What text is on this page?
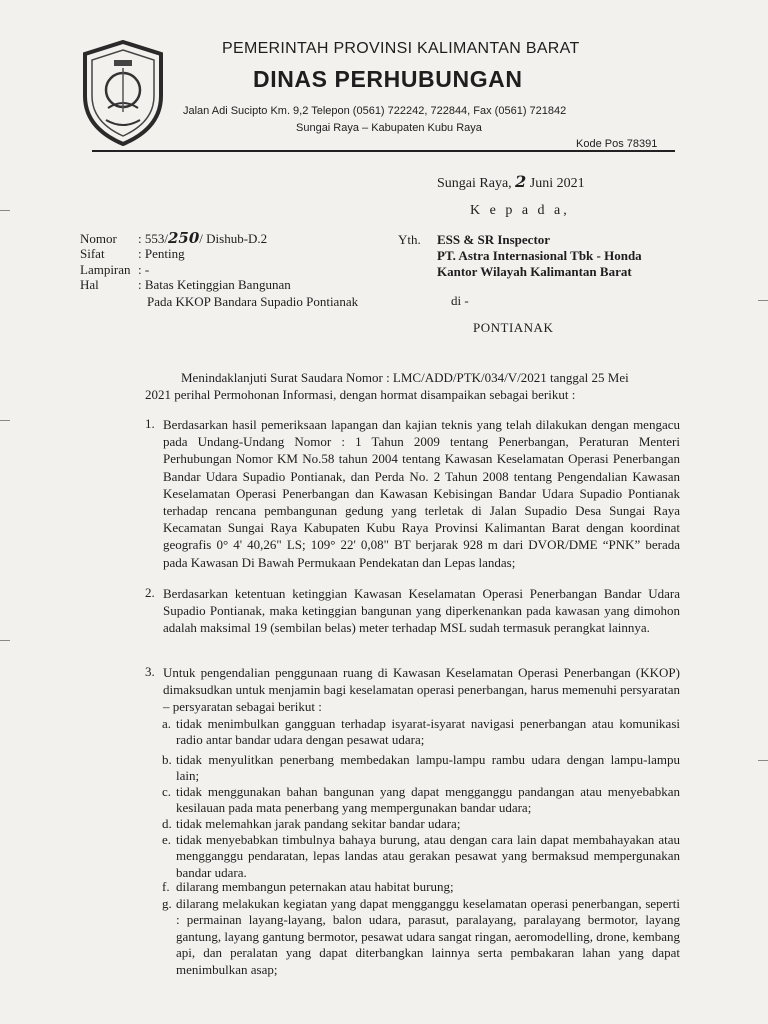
PEMERINTAH PROVINSI KALIMANTAN BARAT
DINAS PERHUBUNGAN
Jalan Adi Sucipto Km. 9,2 Telepon (0561) 722242, 722844, Fax (0561) 721842
Sungai Raya – Kabupaten Kubu Raya
Kode Pos 78391
Sungai Raya, 2 Juni 2021
K e p a d a,
Nomor : 553/250/ Dishub-D.2
Sifat	: Penting
Lampiran : -
Hal	: Batas Ketinggian Bangunan
Pada KKOP Bandara Supadio Pontianak
Yth. ESS & SR Inspector
PT. Astra Internasional Tbk - Honda
Kantor Wilayah Kalimantan Barat
di -
PONTIANAK
Menindaklanjuti Surat Saudara Nomor : LMC/ADD/PTK/034/V/2021 tanggal 25 Mei
2021 perihal Permohonan Informasi, dengan hormat disampaikan sebagai berikut :
1. Berdasarkan hasil pemeriksaan lapangan dan kajian teknis yang telah dilakukan dengan mengacu pada Undang-Undang Nomor : 1 Tahun 2009 tentang Penerbangan, Peraturan Menteri Perhubungan Nomor KM No.58 tahun 2004 tentang Kawasan Keselamatan Operasi Penerbangan Bandar Udara Supadio Pontianak, dan Perda No. 2 Tahun 2008 tentang Pengendalian Kawasan Keselamatan Operasi Penerbangan dan Kawasan Kebisingan Bandar Udara Supadio Pontianak terhadap rencana pembangunan gedung yang terletak di Jalan Supadio Desa Sungai Raya Kecamatan Sungai Raya Kabupaten Kubu Raya Provinsi Kalimantan Barat dengan koordinat geografis 0° 4' 40,26" LS; 109° 22' 0,08" BT berjarak 928 m dari DVOR/DME “PNK” berada pada Kawasan Di Bawah Permukaan Pendekatan dan Lepas landas;
2. Berdasarkan ketentuan ketinggian Kawasan Keselamatan Operasi Penerbangan Bandar Udara Supadio Pontianak, maka ketinggian bangunan yang diperkenankan pada kawasan yang dimohon adalah maksimal 19 (sembilan belas) meter terhadap MSL sudah termasuk perangkat lainnya.
3. Untuk pengendalian penggunaan ruang di Kawasan Keselamatan Operasi Penerbangan (KKOP) dimaksudkan untuk menjamin bagi keselamatan operasi penerbangan, harus memenuhi persyaratan – persyaratan sebagai berikut :
a. tidak menimbulkan gangguan terhadap isyarat-isyarat navigasi penerbangan atau komunikasi radio antar bandar udara dengan pesawat udara;
b. tidak menyulitkan penerbang membedakan lampu-lampu rambu udara dengan lampu-lampu lain;
c. tidak menggunakan bahan bangunan yang dapat mengganggu pandangan atau menyebabkan kesilauan pada mata penerbang yang mempergunakan bandar udara;
d. tidak melemahkan jarak pandang sekitar bandar udara;
e. tidak menyebabkan timbulnya bahaya burung, atau dengan cara lain dapat membahayakan atau mengganggu pendaratan, lepas landas atau gerakan pesawat yang bermaksud mempergunakan bandar udara.
f. dilarang membangun peternakan atau habitat burung;
g. dilarang melakukan kegiatan yang dapat mengganggu keselamatan operasi penerbangan, seperti : permainan layang-layang, balon udara, parasut, paralayang, paralayang bermotor, layang gantung, layang gantung bermotor, pesawat udara sangat ringan, aeromodelling, drone, kembang api, dan peralatan yang dapat diterbangkan lainnya serta pembakaran lahan yang dapat menimbulkan asap;
